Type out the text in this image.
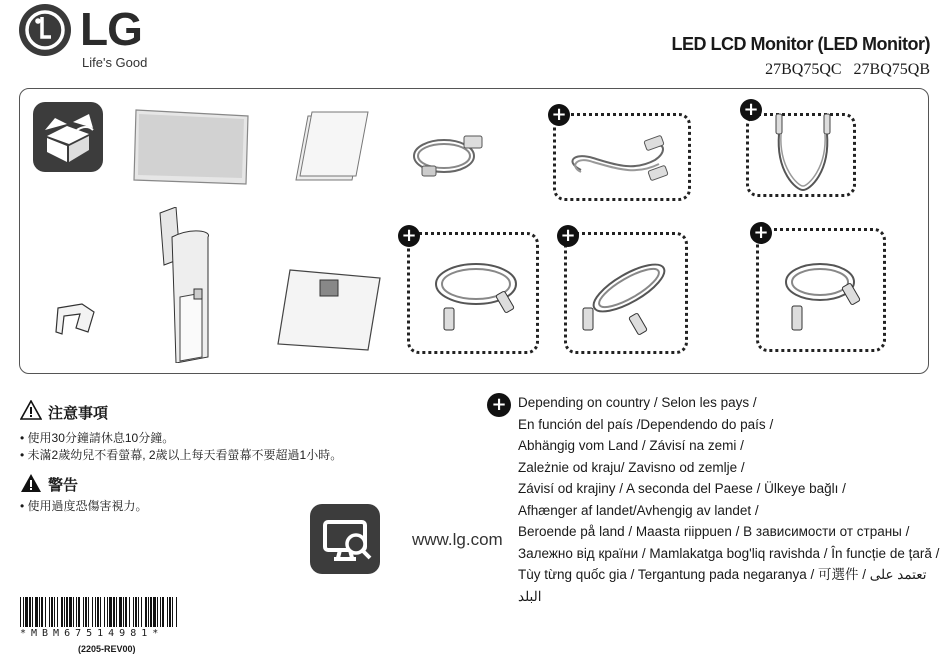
LG
Life's Good
LED LCD Monitor (LED Monitor)
27BQ75QC 27BQ75QB
+	+
+	+	+
注意事項
• 使用30分鐘請休息10分鐘。
• 未滿2歲幼兒不看螢幕, 2歲以上每天看螢幕不要超過1小時。
警告
• 使用過度恐傷害視力。
www.lg.com
+ Depending on country / Selon les pays /
En función del país /Dependendo do país /
Abhängig vom Land / Závisí na zemi /
Zależnie od kraju/ Zavisno od zemlje /
Závisí od krajiny / A seconda del Paese / Ülkeye bağlı /
Afhænger af landet/Avhengig av landet /
Beroende på land / Maasta riippuen / В зависимости от страны /
Залежно від країни / Mamlakatga bog'liq ravishda / În funcție de țară /
Tùy từng quốc gia / Tergantung pada negaranya / 可選件 / تعتمد على البلد
*MBM67514981*
(2205-REV00)
